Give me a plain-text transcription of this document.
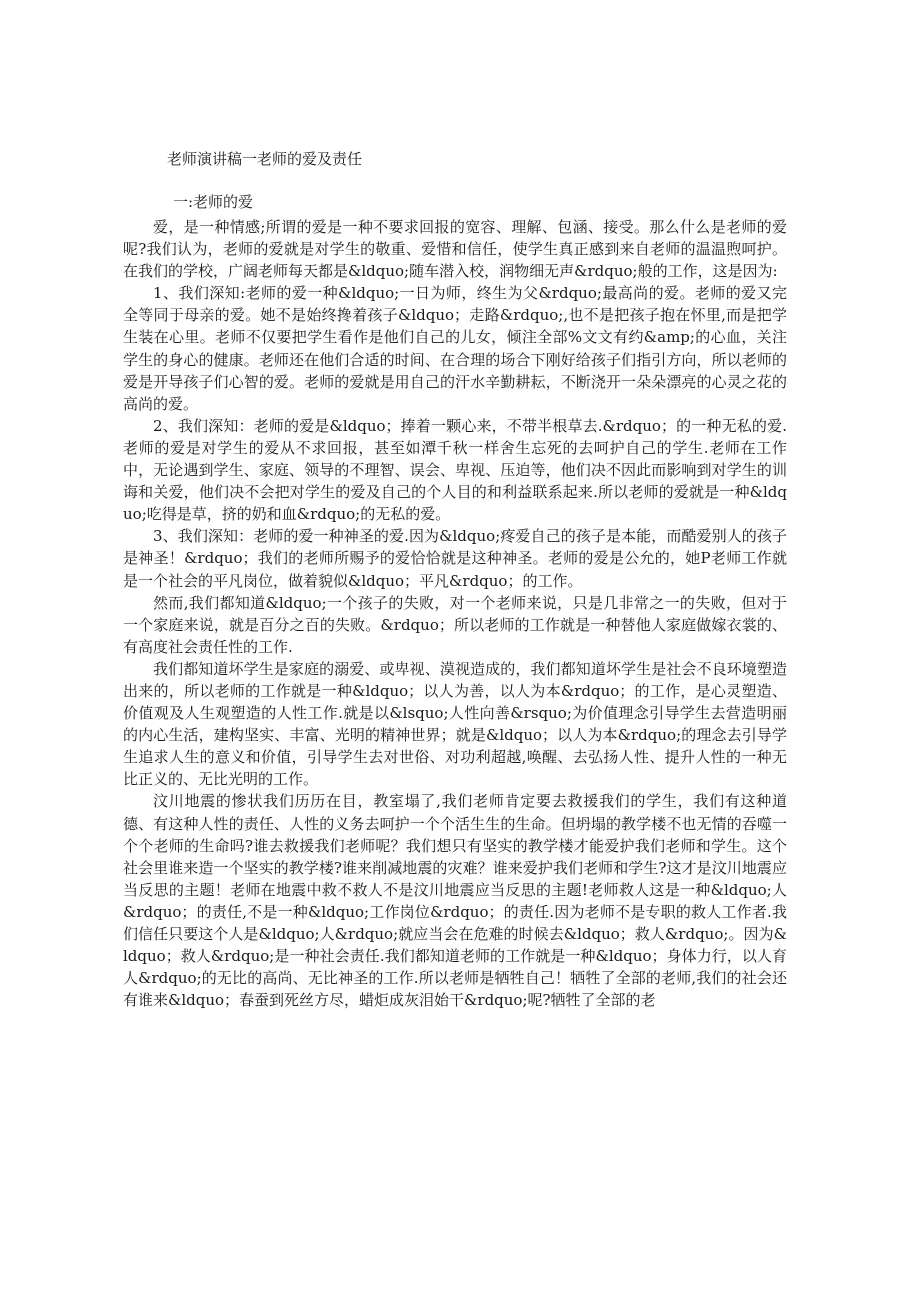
老师演讲稿一老师的爱及责任
一:老师的爱

爱，是一种情感;所谓的爱是一种不要求回报的宽容、理解、包涵、接受。那么什么是老师的爱呢?我们认为，老师的爱就是对学生的敬重、爱惜和信任，使学生真正感到来自老师的温温煦呵护。在我们的学校，广阔老师每天都是&ldquo;随车潜入校，润物细无声&rdquo;般的工作，这是因为:

1、我们深知:老师的爱一种&ldquo;一日为师，终生为父&rdquo;最高尚的爱。老师的爱又完全等同于母亲的爱。她不是始终搀着孩子&ldquo；走路&rdquo;,也不是把孩子抱在怀里,而是把学生装在心里。老师不仅要把学生看作是他们自己的儿女，倾注全部%文文有约&amp;的心血，关注学生的身心的健康。老师还在他们合适的时间、在合理的场合下刚好给孩子们指引方向，所以老师的爱是开导孩子们心智的爱。老师的爱就是用自己的汗水辛勤耕耘，不断浇开一朵朵漂亮的心灵之花的高尚的爱。

2、我们深知：老师的爱是&ldquo；捧着一颗心来，不带半根草去.&rdquo；的一种无私的爱.老师的爱是对学生的爱从不求回报，甚至如潭千秋一样舍生忘死的去呵护自己的学生.老师在工作中，无论遇到学生、家庭、领导的不理智、误会、卑视、压迫等，他们决不因此而影响到对学生的训诲和关爱，他们决不会把对学生的爱及自己的个人目的和利益联系起来.所以老师的爱就是一种&ldquo;吃得是草，挤的奶和血&rdquo;的无私的爱。

3、我们深知：老师的爱一种神圣的爱.因为&ldquo;疼爱自己的孩子是本能，而酷爱别人的孩子是神圣！&rdquo；我们的老师所赐予的爱恰恰就是这种神圣。老师的爱是公允的，她P老师工作就是一个社会的平凡岗位，做着貌似&ldquo；平凡&rdquo；的工作。

然而,我们都知道&ldquo;一个孩子的失败，对一个老师来说，只是几非常之一的失败，但对于一个家庭来说，就是百分之百的失败。&rdquo；所以老师的工作就是一种替他人家庭做嫁衣裳的、有高度社会责任性的工作.

我们都知道坏学生是家庭的溺爱、或卑视、漠视造成的，我们都知道坏学生是社会不良环境塑造出来的，所以老师的工作就是一种&ldquo；以人为善，以人为本&rdquo；的工作，是心灵塑造、价值观及人生观塑造的人性工作.就是以&lsquo;人性向善&rsquo;为价值理念引导学生去营造明丽的内心生活，建构坚实、丰富、光明的精神世界；就是&ldquo；以人为本&rdquo;的理念去引导学生追求人生的意义和价值，引导学生去对世俗、对功利超越,唤醒、去弘扬人性、提升人性的一种无比正义的、无比光明的工作。

汶川地震的惨状我们历历在目，教室塌了,我们老师肯定要去救援我们的学生，我们有这种道德、有这种人性的责任、人性的义务去呵护一个个活生生的生命。但坍塌的教学楼不也无情的吞噬一个个老师的生命吗?谁去救援我们老师呢？我们想只有坚实的教学楼才能爱护我们老师和学生。这个社会里谁来造一个坚实的教学楼?谁来削减地震的灾难？谁来爱护我们老师和学生?这才是汶川地震应当反思的主题！老师在地震中救不救人不是汶川地震应当反思的主题!老师救人这是一种&ldquo;人&rdquo；的责任,不是一种&ldquo;工作岗位&rdquo；的责任.因为老师不是专职的救人工作者.我们信任只要这个人是&ldquo;人&rdquo;就应当会在危难的时候去&ldquo；救人&rdquo;。因为&ldquo；救人&rdquo;是一种社会责任.我们都知道老师的工作就是一种&ldquo；身体力行，以人育人&rdquo;的无比的高尚、无比神圣的工作.所以老师是牺牲自己！牺牲了全部的老师,我们的社会还有谁来&ldquo；春蚕到死丝方尽，蜡炬成灰泪始干&rdquo;呢?牺牲了全部的老
